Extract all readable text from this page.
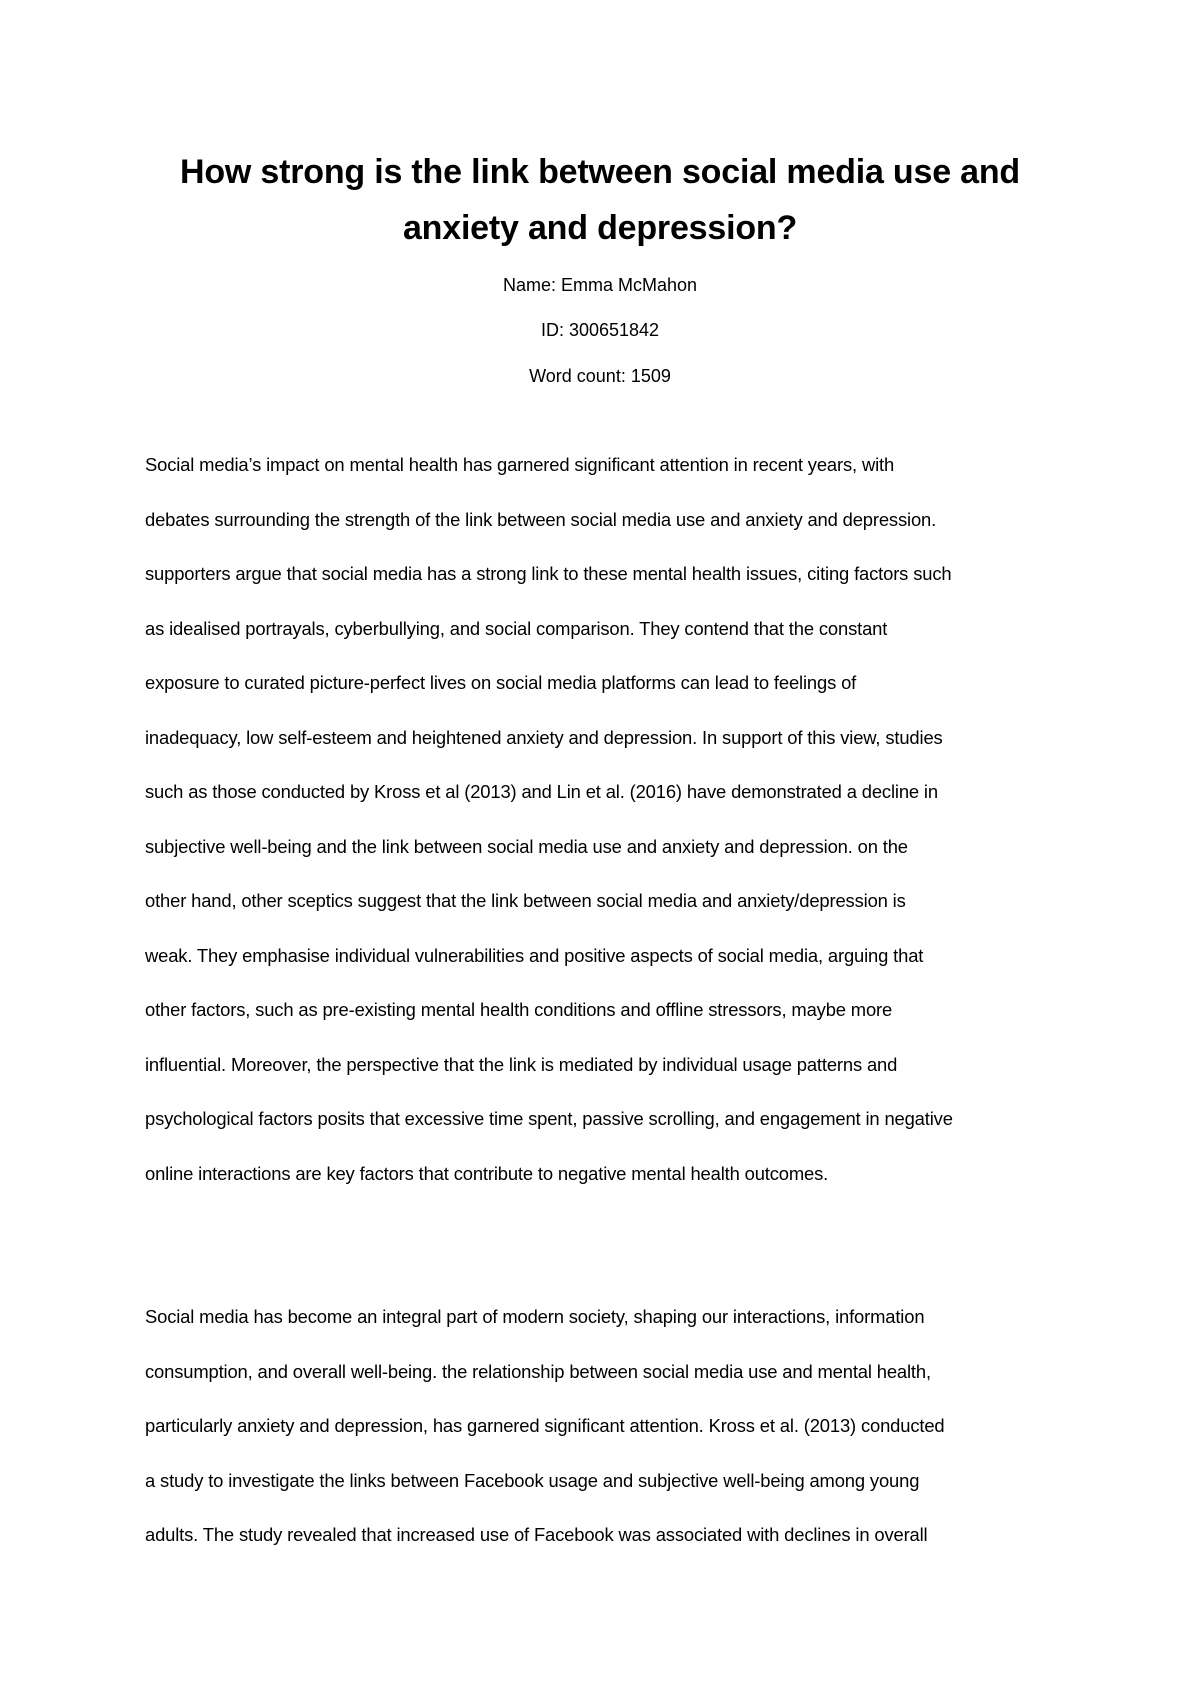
How strong is the link between social media use and
anxiety and depression?

Name: Emma McMahon

ID: 300651842

Word count: 1509

Social media’s impact on mental health has garnered significant attention in recent years, with
debates surrounding the strength of the link between social media use and anxiety and depression.
supporters argue that social media has a strong link to these mental health issues, citing factors such
as idealised portrayals, cyberbullying, and social comparison. They contend that the constant
exposure to curated picture-perfect lives on social media platforms can lead to feelings of
inadequacy, low self-esteem and heightened anxiety and depression. In support of this view, studies
such as those conducted by Kross et al (2013) and Lin et al. (2016) have demonstrated a decline in
subjective well-being and the link between social media use and anxiety and depression. on the
other hand, other sceptics suggest that the link between social media and anxiety/depression is
weak. They emphasise individual vulnerabilities and positive aspects of social media, arguing that
other factors, such as pre-existing mental health conditions and offline stressors, maybe more
influential. Moreover, the perspective that the link is mediated by individual usage patterns and
psychological factors posits that excessive time spent, passive scrolling, and engagement in negative
online interactions are key factors that contribute to negative mental health outcomes.
Social media has become an integral part of modern society, shaping our interactions, information
consumption, and overall well-being. the relationship between social media use and mental health,
particularly anxiety and depression, has garnered significant attention. Kross et al. (2013) conducted
a study to investigate the links between Facebook usage and subjective well-being among young
adults. The study revealed that increased use of Facebook was associated with declines in overall
